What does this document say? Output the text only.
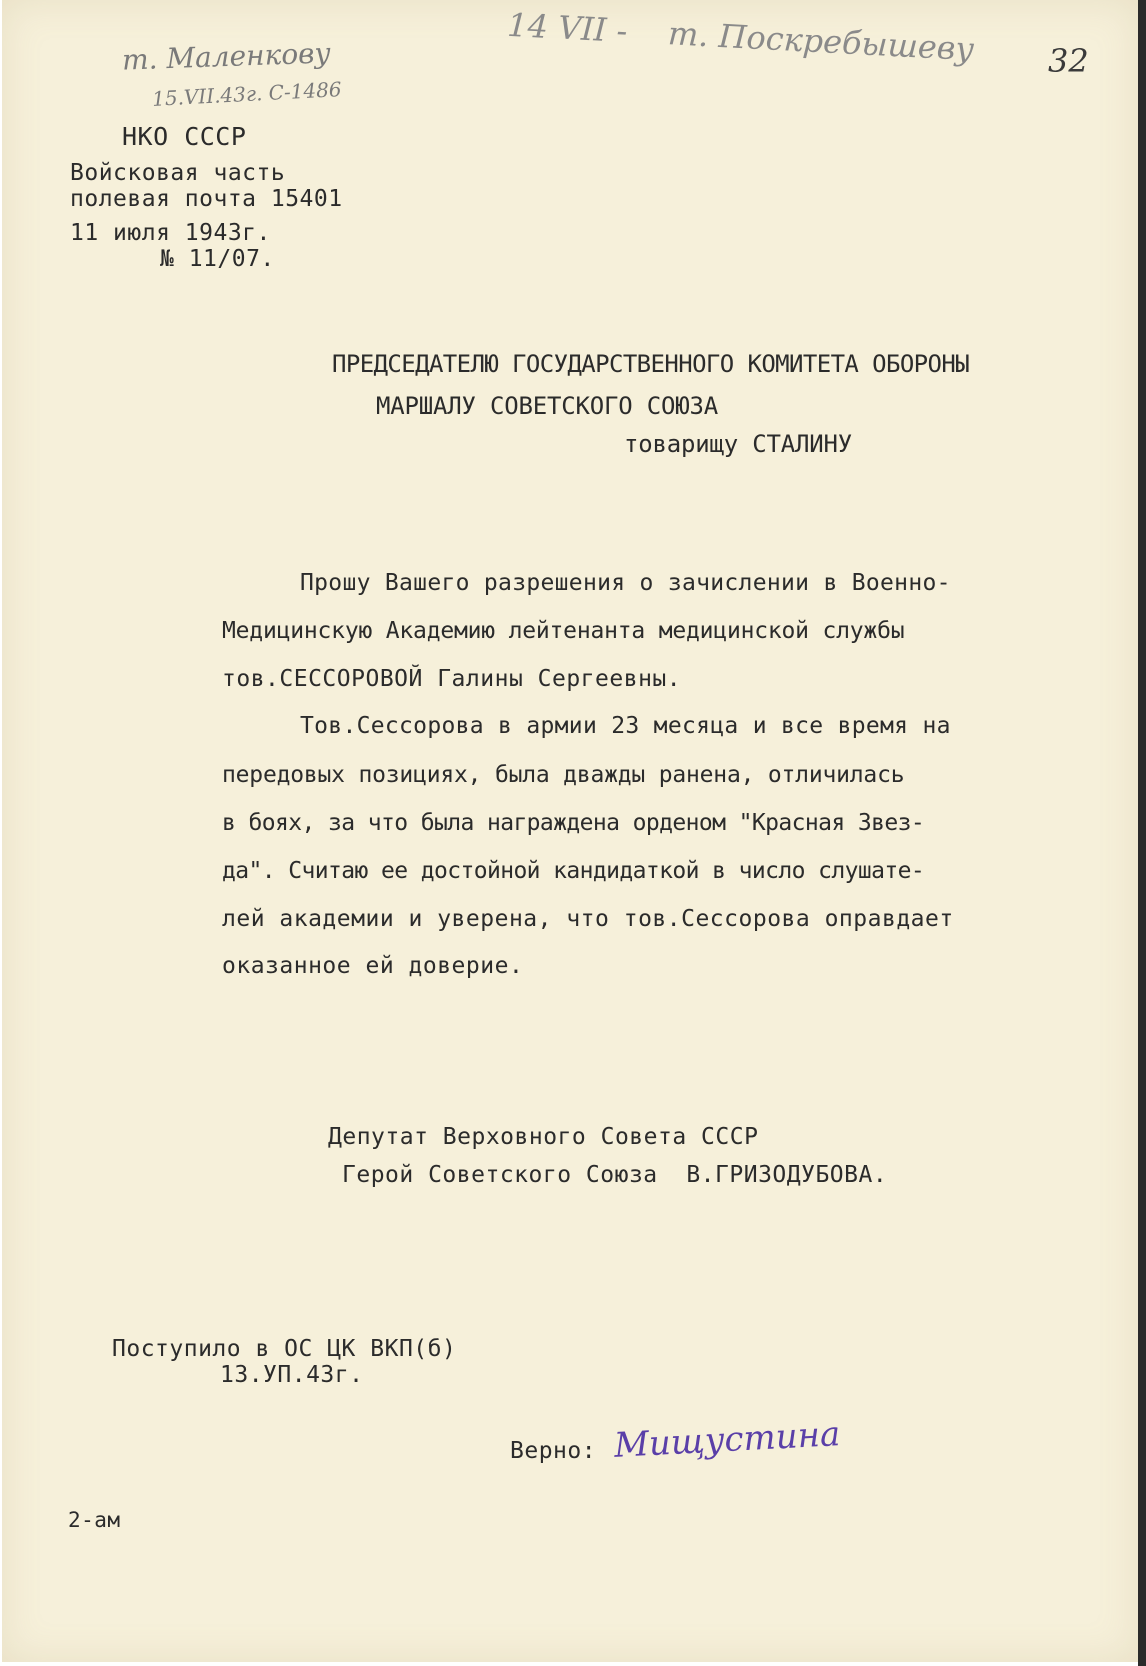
т. Маленкову
15.VII.43г. С-1486
14 VII -    т. Поскребышеву 32
НКО СССР
Войсковая часть
полевая почта 15401
11 июля 1943г.
№ 11/07.
ПРЕДСЕДАТЕЛЮ ГОСУДАРСТВЕННОГО КОМИТЕТА ОБОРОНЫ
МАРШАЛУ СОВЕТСКОГО СОЮЗА
товарищу СТАЛИНУ
Прошу Вашего разрешения о зачислении в Военно-
Медицинскую Академию лейтенанта медицинской службы
тов.СЕССОРОВОЙ Галины Сергеевны.
Тов.Сессорова в армии 23 месяца и все время на
передовых позициях, была дважды ранена, отличилась
в боях, за что была награждена орденом "Красная Звез-
да". Считаю ее достойной кандидаткой в число слушате-
лей академии и уверена, что тов.Сессорова оправдает
оказанное ей доверие.
Депутат Верховного Совета СССР
Герой Советского Союза  В.ГРИЗОДУБОВА.
Поступило в ОС ЦК ВКП(б)
13.УП.43г.
Верно: Мищустина
2-ам
